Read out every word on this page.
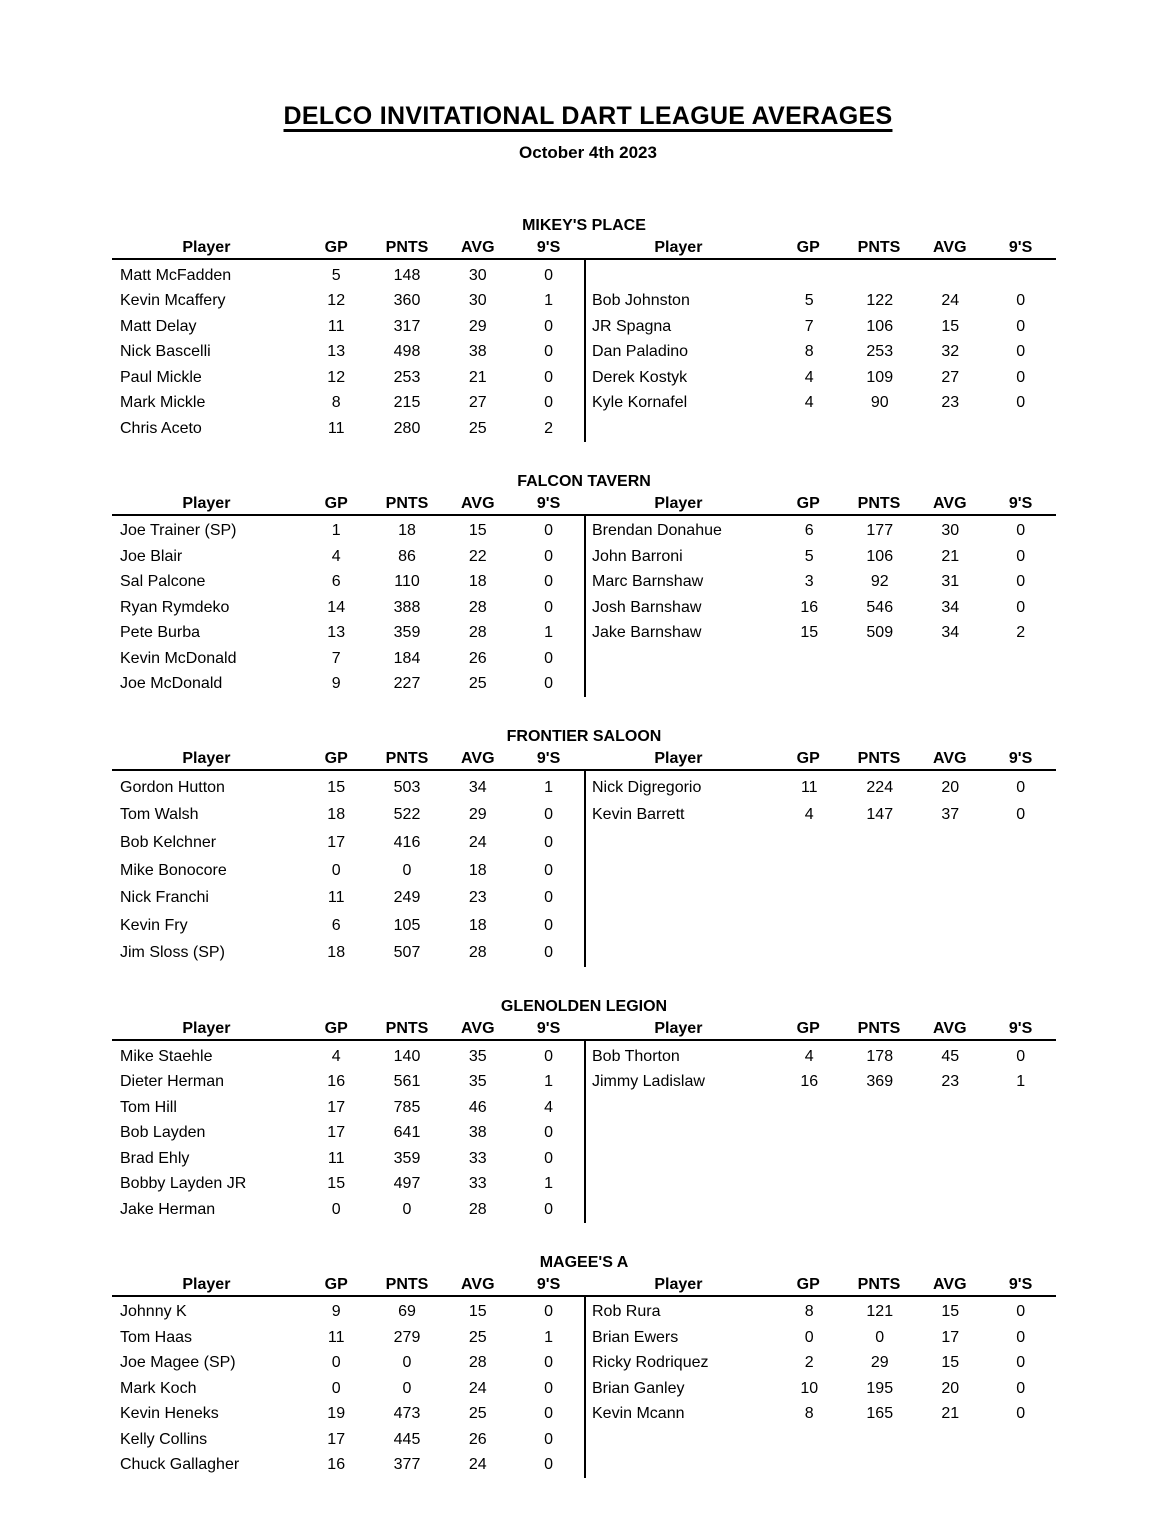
DELCO INVITATIONAL DART LEAGUE AVERAGES
October 4th 2023
MIKEY'S PLACE
Player	GP	PNTS	AVG	9'S
Matt McFadden	5	148	30	0
Kevin Mcaffery	12	360	30	1
Matt Delay	11	317	29	0
Nick Bascelli	13	498	38	0
Paul Mickle	12	253	21	0
Mark Mickle	8	215	27	0
Chris Aceto	11	280	25	2
Player	GP	PNTS	AVG	9'S
Bob Johnston	5	122	24	0
JR Spagna	7	106	15	0
Dan Paladino	8	253	32	0
Derek Kostyk	4	109	27	0
Kyle Kornafel	4	90	23	0
FALCON TAVERN
Player	GP	PNTS	AVG	9'S
Joe Trainer (SP)	1	18	15	0
Joe Blair	4	86	22	0
Sal Palcone	6	110	18	0
Ryan Rymdeko	14	388	28	0
Pete Burba	13	359	28	1
Kevin McDonald	7	184	26	0
Joe McDonald	9	227	25	0
Player	GP	PNTS	AVG	9'S
Brendan Donahue	6	177	30	0
John Barroni	5	106	21	0
Marc Barnshaw	3	92	31	0
Josh Barnshaw	16	546	34	0
Jake Barnshaw	15	509	34	2
FRONTIER SALOON
Player	GP	PNTS	AVG	9'S
Gordon Hutton	15	503	34	1
Tom Walsh	18	522	29	0
Bob Kelchner	17	416	24	0
Mike Bonocore	0	0	18	0
Nick Franchi	11	249	23	0
Kevin Fry	6	105	18	0
Jim Sloss (SP)	18	507	28	0
Player	GP	PNTS	AVG	9'S
Nick Digregorio	11	224	20	0
Kevin Barrett	4	147	37	0
GLENOLDEN LEGION
Player	GP	PNTS	AVG	9'S
Mike Staehle	4	140	35	0
Dieter Herman	16	561	35	1
Tom Hill	17	785	46	4
Bob Layden	17	641	38	0
Brad Ehly	11	359	33	0
Bobby Layden JR	15	497	33	1
Jake Herman	0	0	28	0
Player	GP	PNTS	AVG	9'S
Bob Thorton	4	178	45	0
Jimmy Ladislaw	16	369	23	1
MAGEE'S A
Player	GP	PNTS	AVG	9'S
Johnny K	9	69	15	0
Tom Haas	11	279	25	1
Joe Magee (SP)	0	0	28	0
Mark Koch	0	0	24	0
Kevin Heneks	19	473	25	0
Kelly Collins	17	445	26	0
Chuck Gallagher	16	377	24	0
Player	GP	PNTS	AVG	9'S
Rob Rura	8	121	15	0
Brian Ewers	0	0	17	0
Ricky Rodriquez	2	29	15	0
Brian Ganley	10	195	20	0
Kevin Mcann	8	165	21	0
